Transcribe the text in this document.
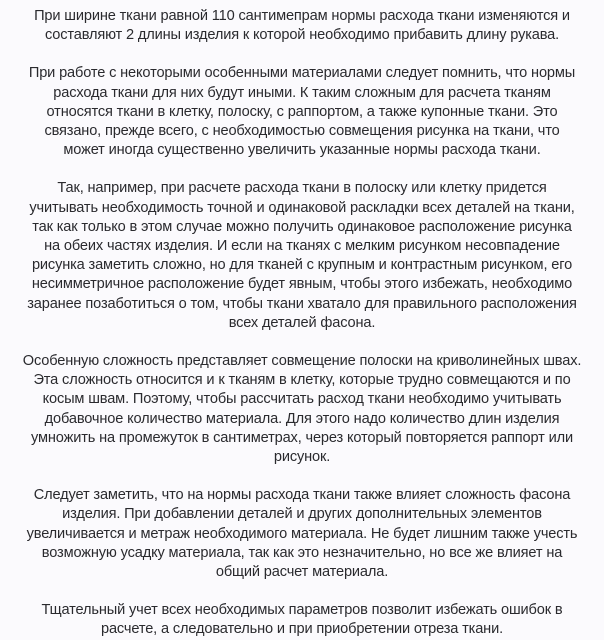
При ширине ткани равной 110 сантимепрам нормы расхода ткани изменяются и
составляют 2 длины изделия к которой необходимо прибавить длину рукава.

При работе с некоторыми особенными материалами следует помнить, что нормы
расхода ткани для них будут иными. К таким сложным для расчета тканям
относятся ткани в клетку, полоску, с раппортом, а также купонные ткани. Это
связано, прежде всего, с необходимостью совмещения рисунка на ткани, что
может иногда существенно увеличить указанные нормы расхода ткани.

Так, например, при расчете расхода ткани в полоску или клетку придется
учитывать необходимость точной и одинаковой раскладки всех деталей на ткани,
так как только в этом случае можно получить одинаковое расположение рисунка
на обеих частях изделия. И если на тканях с мелким рисунком несовпадение
рисунка заметить сложно, но для тканей с крупным и контрастным рисунком, его
несимметричное расположение будет явным, чтобы этого избежать, необходимо
заранее позаботиться о том, чтобы ткани хватало для правильного расположения
всех деталей фасона.

Особенную сложность представляет совмещение полоски на криволинейных швах.
Эта сложность относится и к тканям в клетку, которые трудно совмещаются и по
косым швам. Поэтому, чтобы рассчитать расход ткани необходимо учитывать
добавочное количество материала. Для этого надо количество длин изделия
умножить на промежуток в сантиметрах, через который повторяется раппорт или
рисунок.

Следует заметить, что на нормы расхода ткани также влияет сложность фасона
изделия. При добавлении деталей и других дополнительных элементов
увеличивается и метраж необходимого материала. Не будет лишним также учесть
возможную усадку материала, так как это незначительно, но все же влияет на
общий расчет материала.

Тщательный учет всех необходимых параметров позволит избежать ошибок в
расчете, а следовательно и при приобретении отреза ткани.
